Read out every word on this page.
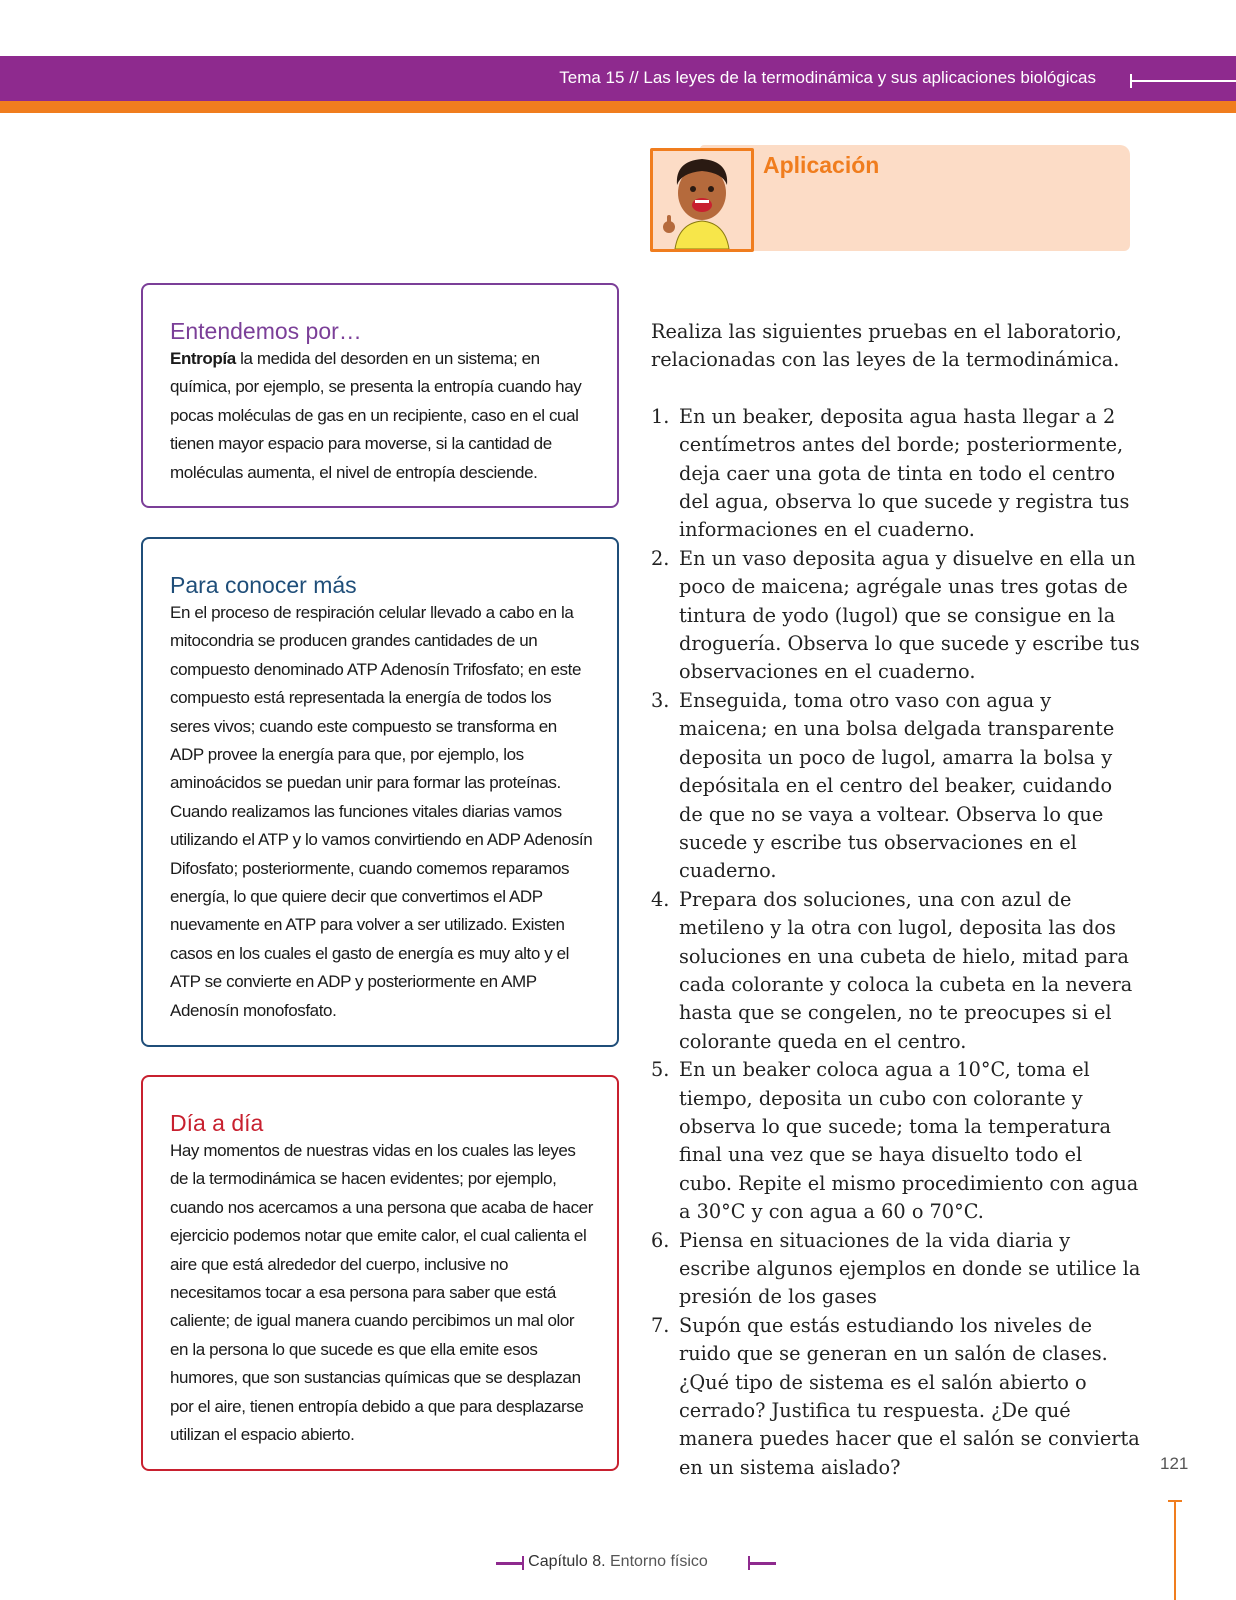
Tema 15 // Las leyes de la termodinámica y sus aplicaciones biológicas
Aplicación
Entendemos por…

Entropía la medida del desorden en un sistema; en química, por ejemplo, se presenta la entropía cuando hay pocas moléculas de gas en un recipiente, caso en el cual tienen mayor espacio para moverse, si la cantidad de moléculas aumenta, el nivel de entropía desciende.

Para conocer más

En el proceso de respiración celular llevado a cabo en la mitocondria se producen grandes cantidades de un compuesto denominado ATP Adenosín Trifosfato; en este compuesto está representada la energía de todos los seres vivos; cuando este compuesto se transforma en ADP provee la energía para que, por ejemplo, los aminoácidos se puedan unir para formar las proteínas. Cuando realizamos las funciones vitales diarias vamos utilizando el ATP y lo vamos convirtiendo en ADP Adenosín Difosfato; posteriormente, cuando comemos reparamos energía, lo que quiere decir que convertimos el ADP nuevamente en ATP para volver a ser utilizado. Existen casos en los cuales el gasto de energía es muy alto y el ATP se convierte en ADP y posteriormente en AMP Adenosín monofosfato.

Día a día

Hay momentos de nuestras vidas en los cuales las leyes de la termodinámica se hacen evidentes; por ejemplo, cuando nos acercamos a una persona que acaba de hacer ejercicio podemos notar que emite calor, el cual calienta el aire que está alrededor del cuerpo, inclusive no necesitamos tocar a esa persona para saber que está caliente; de igual manera cuando percibimos un mal olor en la persona lo que sucede es que ella emite esos humores, que son sustancias químicas que se desplazan por el aire, tienen entropía debido a que para desplazarse utilizan el espacio abierto.

Realiza las siguientes pruebas en el laboratorio, relacionadas con las leyes de la termodinámica.

1. En un beaker, deposita agua hasta llegar a 2 centímetros antes del borde; posteriormente, deja caer una gota de tinta en todo el centro del agua, observa lo que sucede y registra tus informaciones en el cuaderno.
2. En un vaso deposita agua y disuelve en ella un poco de maicena; agrégale unas tres gotas de tintura de yodo (lugol) que se consigue en la droguería. Observa lo que sucede y escribe tus observaciones en el cuaderno.
3. Enseguida, toma otro vaso con agua y maicena; en una bolsa delgada transparente deposita un poco de lugol, amarra la bolsa y depósitala en el centro del beaker, cuidando de que no se vaya a voltear. Observa lo que sucede y escribe tus observaciones en el cuaderno.
4. Prepara dos soluciones, una con azul de metileno y la otra con lugol, deposita las dos soluciones en una cubeta de hielo, mitad para cada colorante y coloca la cubeta en la nevera hasta que se congelen, no te preocupes si el colorante queda en el centro.
5. En un beaker coloca agua a 10°C, toma el tiempo, deposita un cubo con colorante y observa lo que sucede; toma la temperatura final una vez que se haya disuelto todo el cubo. Repite el mismo procedimiento con agua a 30°C y con agua a 60 o 70°C.
6. Piensa en situaciones de la vida diaria y escribe algunos ejemplos en donde se utilice la presión de los gases
7. Supón que estás estudiando los niveles de ruido que se generan en un salón de clases. ¿Qué tipo de sistema es el salón abierto o cerrado? Justifica tu respuesta. ¿De qué manera puedes hacer que el salón se convierta en un sistema aislado?	121
Capítulo 8. Entorno físico
